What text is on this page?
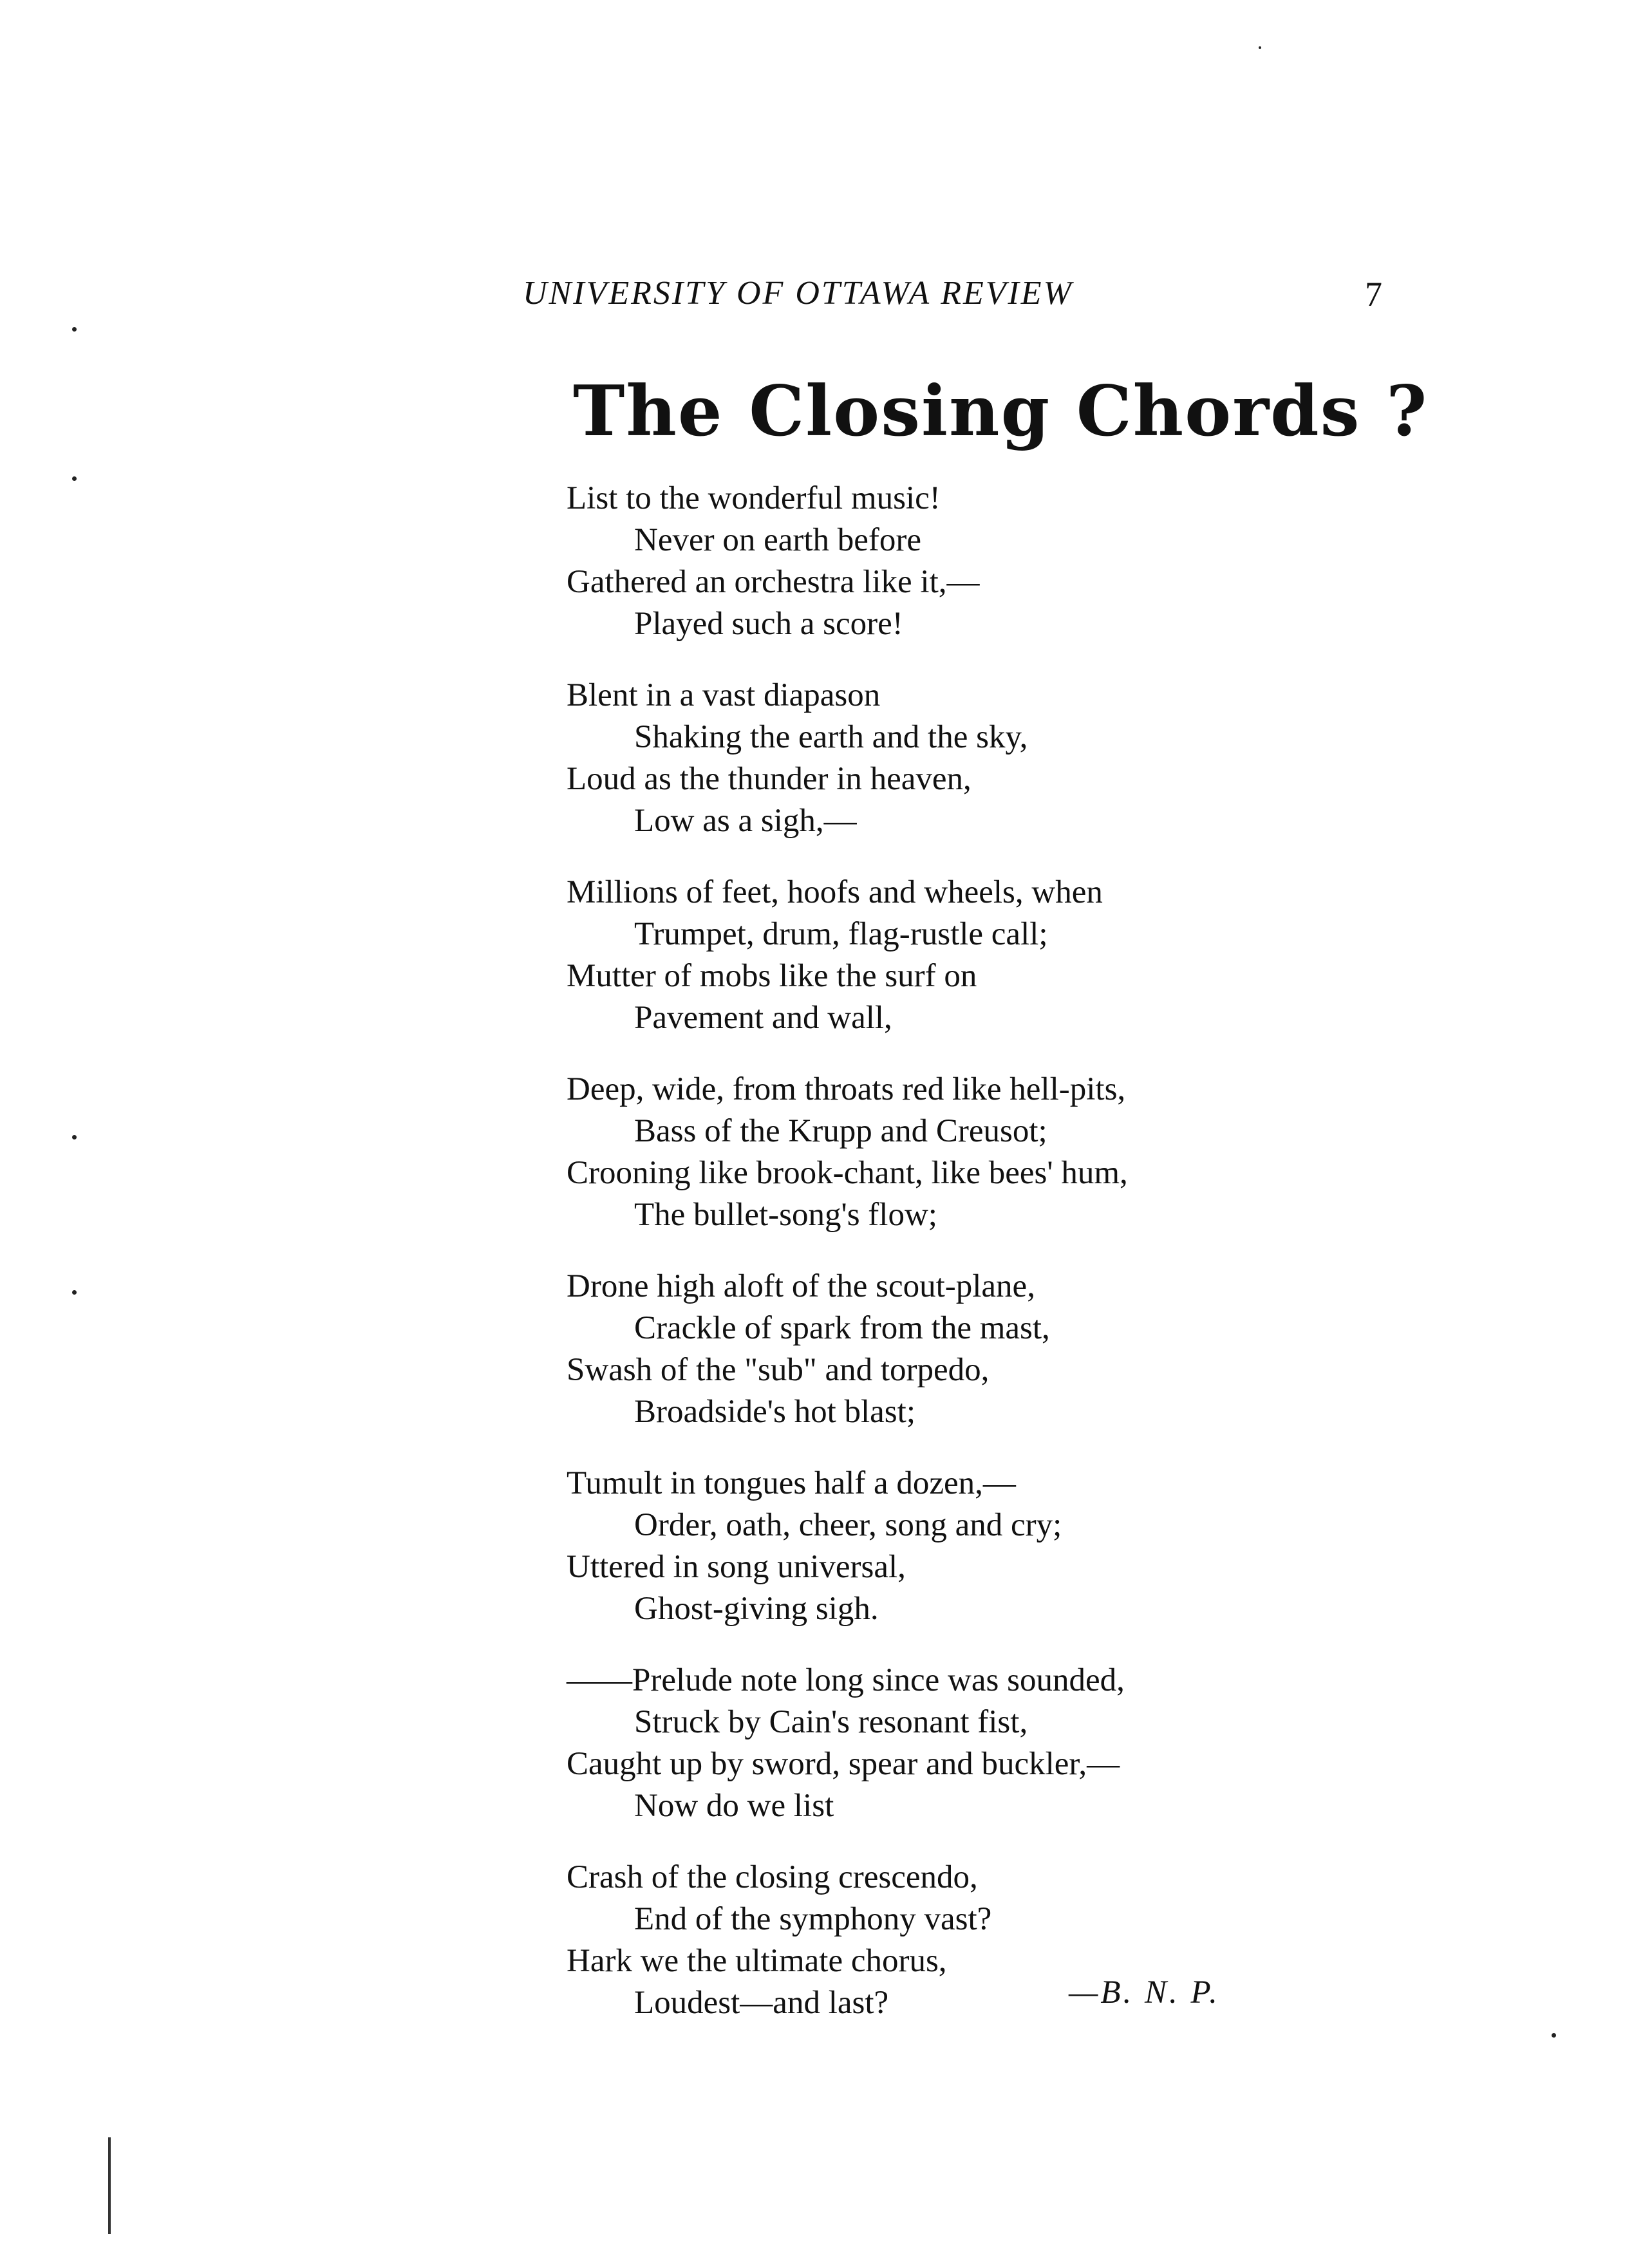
UNIVERSITY OF OTTAWA REVIEW	7
The Closing Chords ?
List to the wonderful music!
Never on earth before
Gathered an orchestra like it,—
Played such a score!
Blent in a vast diapason
Shaking the earth and the sky,
Loud as the thunder in heaven,
Low as a sigh,—
Millions of feet, hoofs and wheels, when
Trumpet, drum, flag-rustle call;
Mutter of mobs like the surf on
Pavement and wall,
Deep, wide, from throats red like hell-pits,
Bass of the Krupp and Creusot;
Crooning like brook-chant, like bees' hum,
The bullet-song's flow;
Drone high aloft of the scout-plane,
Crackle of spark from the mast,
Swash of the "sub" and torpedo,
Broadside's hot blast;
Tumult in tongues half a dozen,—
Order, oath, cheer, song and cry;
Uttered in song universal,
Ghost-giving sigh.
——Prelude note long since was sounded,
Struck by Cain's resonant fist,
Caught up by sword, spear and buckler,—
Now do we list
Crash of the closing crescendo,
End of the symphony vast?
Hark we the ultimate chorus,
Loudest—and last?	—B. N. P.
